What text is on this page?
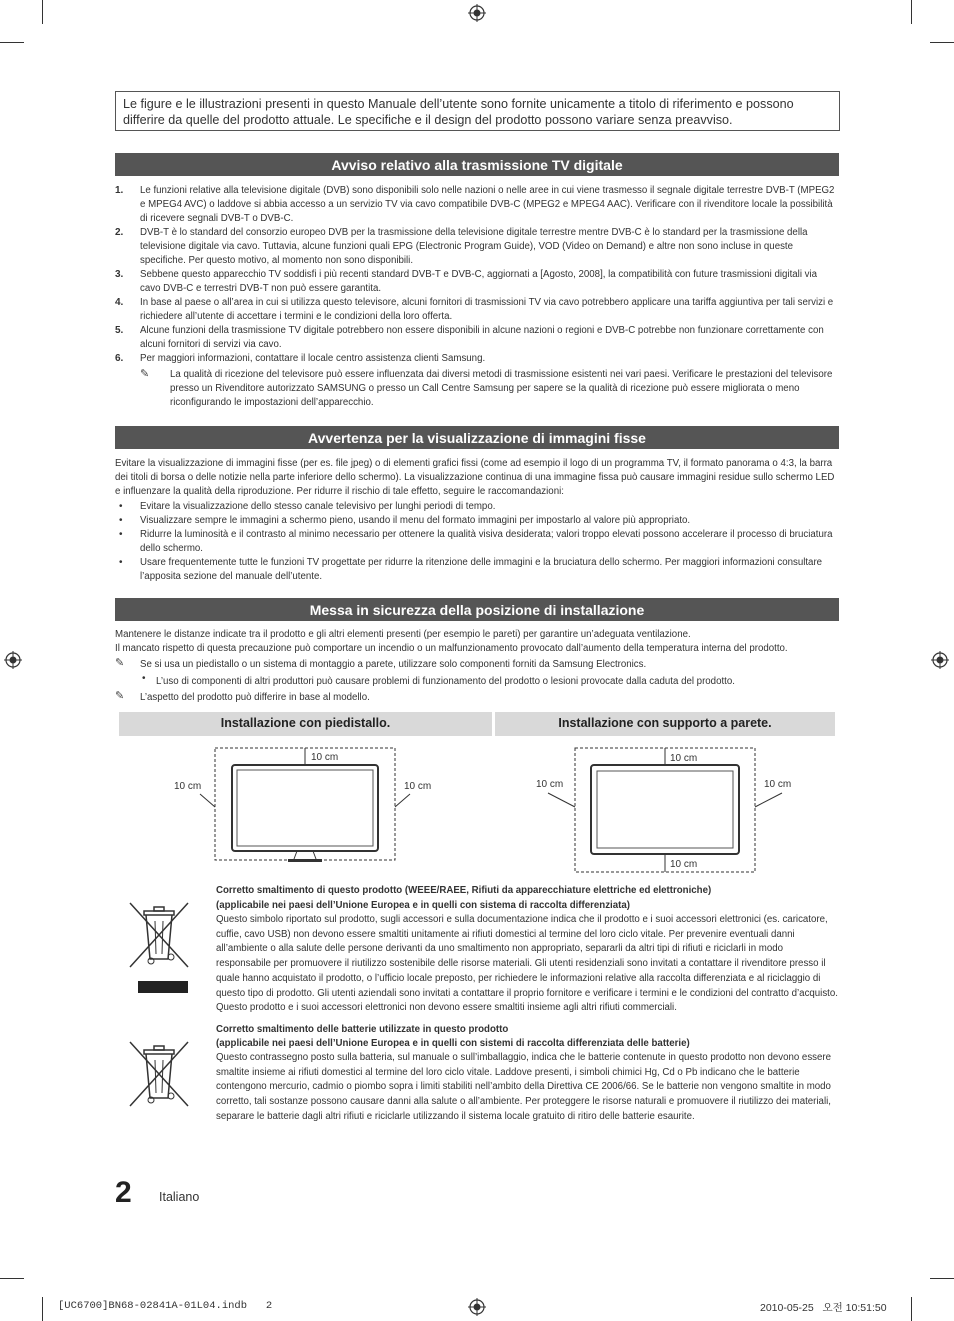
Le figure e le illustrazioni presenti in questo Manuale dell’utente sono fornite unicamente a titolo di riferimento e possono differire da quelle del prodotto attuale. Le specifiche e il design del prodotto possono variare senza preavviso.
Avviso relativo alla trasmissione TV digitale
1. Le funzioni relative alla televisione digitale (DVB) sono disponibili solo nelle nazioni o nelle aree in cui viene trasmesso il segnale digitale terrestre DVB-T (MPEG2 e MPEG4 AVC) o laddove si abbia accesso a un servizio TV via cavo compatibile DVB-C (MPEG2 e MPEG4 AAC). Verificare con il rivenditore locale la possibilità di ricevere segnali DVB-T o DVB-C.
2. DVB-T è lo standard del consorzio europeo DVB per la trasmissione della televisione digitale terrestre mentre DVB-C è lo standard per la trasmissione della televisione digitale via cavo. Tuttavia, alcune funzioni quali EPG (Electronic Program Guide), VOD (Video on Demand) e altre non sono incluse in queste specifiche. Per questo motivo, al momento non sono disponibili.
3. Sebbene questo apparecchio TV soddisfi i più recenti standard DVB-T e DVB-C, aggiornati a [Agosto, 2008], la compatibilità con future trasmissioni digitali via cavo DVB-C e terrestri DVB-T non può essere garantita.
4. In base al paese o all’area in cui si utilizza questo televisore, alcuni fornitori di trasmissioni TV via cavo potrebbero applicare una tariffa aggiuntiva per tali servizi e richiedere all’utente di accettare i termini e le condizioni della loro offerta.
5. Alcune funzioni della trasmissione TV digitale potrebbero non essere disponibili in alcune nazioni o regioni e DVB-C potrebbe non funzionare correttamente con alcuni fornitori di servizi via cavo.
6. Per maggiori informazioni, contattare il locale centro assistenza clienti Samsung.
✎ La qualità di ricezione del televisore può essere influenzata dai diversi metodi di trasmissione esistenti nei vari paesi. Verificare le prestazioni del televisore presso un Rivenditore autorizzato SAMSUNG o presso un Call Centre Samsung per sapere se la qualità di ricezione può essere migliorata o meno riconfigurando le impostazioni dell’apparecchio.
Avvertenza per la visualizzazione di immagini fisse
Evitare la visualizzazione di immagini fisse (per es. file jpeg) o di elementi grafici fissi (come ad esempio il logo di un programma TV, il formato panorama o 4:3, la barra dei titoli di borsa o delle notizie nella parte inferiore dello schermo). La visualizzazione continua di una immagine fissa può causare immagini residue sullo schermo LED e influenzare la qualità della riproduzione. Per ridurre il rischio di tale effetto, seguire le raccomandazioni:
• Evitare la visualizzazione dello stesso canale televisivo per lunghi periodi di tempo.
• Visualizzare sempre le immagini a schermo pieno, usando il menu del formato immagini per impostarlo al valore più appropriato.
• Ridurre la luminosità e il contrasto al minimo necessario per ottenere la qualità visiva desiderata; valori troppo elevati possono accelerare il processo di bruciatura dello schermo.
• Usare frequentemente tutte le funzioni TV progettate per ridurre la ritenzione delle immagini e la bruciatura dello schermo. Per maggiori informazioni consultare l’apposita sezione del manuale dell’utente.
Messa in sicurezza della posizione di installazione
Mantenere le distanze indicate tra il prodotto e gli altri elementi presenti (per esempio le pareti) per garantire un’adeguata ventilazione.
Il mancato rispetto di questa precauzione può comportare un incendio o un malfunzionamento provocato dall’aumento della temperatura interna del prodotto.
✎ Se si usa un piedistallo o un sistema di montaggio a parete, utilizzare solo componenti forniti da Samsung Electronics.
• L’uso di componenti di altri produttori può causare problemi di funzionamento del prodotto o lesioni provocate dalla caduta del prodotto.
✎ L’aspetto del prodotto può differire in base al modello.
Installazione con piedistallo.	Installazione con supporto a parete.
10 cm
10 cm	10 cm
10 cm
10 cm	10 cm
10 cm
Corretto smaltimento di questo prodotto (WEEE/RAEE, Rifiuti da apparecchiature elettriche ed elettroniche)
(applicabile nei paesi dell’Unione Europea e in quelli con sistema di raccolta differenziata)
Questo simbolo riportato sul prodotto, sugli accessori e sulla documentazione indica che il prodotto e i suoi accessori elettronici (es. caricatore, cuffie, cavo USB) non devono essere smaltiti unitamente ai rifiuti domestici al termine del loro ciclo vitale. Per prevenire eventuali danni all’ambiente o alla salute delle persone derivanti da uno smaltimento non appropriato, separarli da altri tipi di rifiuti e riciclarli in modo responsabile per promuovere il riutilizzo sostenibile delle risorse materiali. Gli utenti residenziali sono invitati a contattare il rivenditore presso il quale hanno acquistato il prodotto, o l’ufficio locale preposto, per richiedere le informazioni relative alla raccolta differenziata e al riciclaggio di questo tipo di prodotto. Gli utenti aziendali sono invitati a contattare il proprio fornitore e verificare i termini e le condizioni del contratto d’acquisto. Questo prodotto e i suoi accessori elettronici non devono essere smaltiti insieme agli altri rifiuti commerciali.
Corretto smaltimento delle batterie utilizzate in questo prodotto
(applicabile nei paesi dell’Unione Europea e in quelli con sistemi di raccolta differenziata delle batterie)
Questo contrassegno posto sulla batteria, sul manuale o sull’imballaggio, indica che le batterie contenute in questo prodotto non devono essere smaltite insieme ai rifiuti domestici al termine del loro ciclo vitale. Laddove presenti, i simboli chimici Hg, Cd o Pb indicano che le batterie contengono mercurio, cadmio o piombo sopra i limiti stabiliti nell’ambito della Direttiva CE 2006/66. Se le batterie non vengono smaltite in modo corretto, tali sostanze possono causare danni alla salute o all’ambiente. Per proteggere le risorse naturali e promuovere il riutilizzo dei materiali, separare le batterie dagli altri rifiuti e riciclarle utilizzando il sistema locale gratuito di ritiro delle batterie esaurite.
2 Italiano
[UC6700]BN68-02841A-01L04.indb   2	2010-05-25   오전 10:51:50
